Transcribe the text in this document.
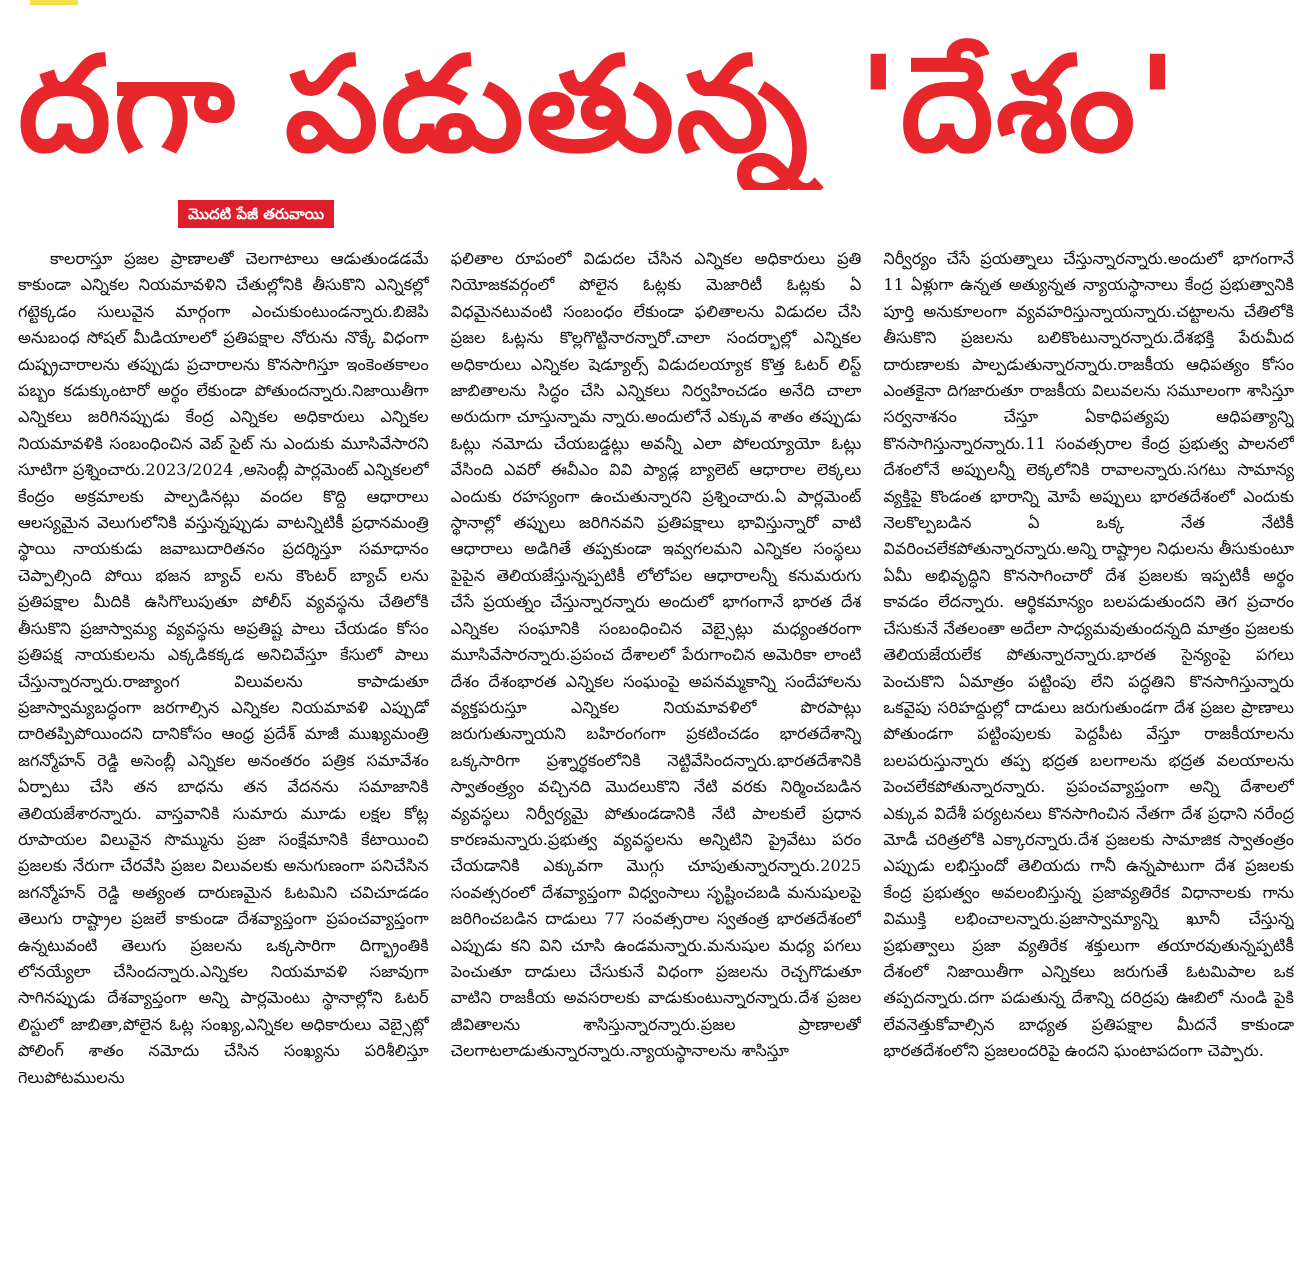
దగా పడుతున్న 'దేశం'
మొదటి పేజీ తరువాయి

కాలరాస్తూ ప్రజల ప్రాణాలతో చెలగాటాలు ఆడుతుండడమే కాకుండా ఎన్నికల నియమావళిని చేతుల్లోనికి తీసుకొని ఎన్నికల్లో గట్టెక్కడం సులువైన మార్గంగా ఎంచుకుంటుండన్నారు.బిజెపి అనుబంధ సోషల్ మీడియాలలో ప్రతిపక్షాల నోరును నొక్కే విధంగా దుష్ప్రచారాలను తప్పుడు ప్రచారాలను కొనసాగిస్తూ ఇంకెంతకాలం పబ్బం కడుక్కుంటారో అర్థం లేకుండా పోతుందన్నారు.నిజాయితీగా ఎన్నికలు జరిగినప్పుడు కేంద్ర ఎన్నికల అధికారులు ఎన్నికల నియమావళికి సంబంధించిన వెబ్ సైట్ ను ఎందుకు మూసివేసారని సూటిగా ప్రశ్నించారు.2023/2024 ,అసెంబ్లీ పార్లమెంట్ ఎన్నికలలో కేంద్రం అక్రమాలకు పాల్పడినట్లు వందల కొద్ది ఆధారాలు ఆలస్యమైన వెలుగులోనికి వస్తున్నప్పుడు వాటన్నిటికీ ప్రధానమంత్రి స్థాయి నాయకుడు జవాబుదారితనం ప్రదర్శిస్తూ సమాధానం చెప్పాల్సింది పోయి భజన బ్యాచ్ లను కౌంటర్ బ్యాచ్ లను ప్రతిపక్షాల మీదికి ఉసిగొలుపుతూ పోలీస్ వ్యవస్థను చేతిలోకి తీసుకొని ప్రజాస్వామ్య వ్యవస్థను అప్రతిష్ట పాలు చేయడం కోసం ప్రతిపక్ష నాయకులను ఎక్కడికక్కడ అనిచివేస్తూ కేసులో పాలు చేస్తున్నారన్నారు.రాజ్యాంగ విలువలను కాపాడుతూ ప్రజాస్వామ్యబద్ధంగా జరగాల్సిన ఎన్నికల నియమావళి ఎప్పుడో దారితప్పిపోయిందని దానికోసం ఆంధ్ర ప్రదేశ్ మాజీ ముఖ్యమంత్రి జగన్మోహన్ రెడ్డి అసెంబ్లీ ఎన్నికల అనంతరం పత్రిక సమావేశం ఏర్పాటు చేసి తన బాధను తన వేదనను సమాజానికి తెలియజేశారన్నారు. వాస్తవానికి సుమారు మూడు లక్షల కోట్ల రూపాయల విలువైన సొమ్మును ప్రజా సంక్షేమానికి కేటాయించి ప్రజలకు నేరుగా చేరవేసి ప్రజల విలువలకు అనుగుణంగా పనిచేసిన జగన్మోహన్ రెడ్డి అత్యంత దారుణమైన ఓటమిని చవిచూడడం తెలుగు రాష్ట్రాల ప్రజలే కాకుండా దేశవ్యాప్తంగా ప్రపంచవ్యాప్తంగా ఉన్నటువంటి తెలుగు ప్రజలను ఒక్కసారిగా దిగ్భ్రాంతికి లోనయ్యేలా చేసిందన్నారు.ఎన్నికల నియమావళి సజావుగా సాగినప్పుడు దేశవ్యాప్తంగా అన్ని పార్లమెంటు స్థానాల్లోని ఓటర్ లిస్టులో జాబితా,పోలైన ఓట్ల సంఖ్య,ఎన్నికల అధికారులు వెబ్సైట్లో పోలింగ్ శాతం నమోదు చేసిన సంఖ్యను పరిశీలిస్తూ గెలుపోటములను

ఫలితాల రూపంలో విడుదల చేసిన ఎన్నికల అధికారులు ప్రతి నియోజకవర్గంలో పోలైన ఓట్లకు మెజారిటీ ఓట్లకు ఏ విధమైనటువంటి సంబంధం లేకుండా ఫలితాలను విడుదల చేసి ప్రజల ఓట్లను కొల్లగొట్టినారన్నారో.చాలా సందర్భాల్లో ఎన్నికల అధికారులు ఎన్నికల షెడ్యూల్స్ విడుదలయ్యాక కొత్త ఓటర్ లిస్ట్ జాబితాలను సిద్ధం చేసి ఎన్నికలు నిర్వహించడం అనేది చాలా అరుదుగా చూస్తున్నామ న్నారు.అందులోనే ఎక్కువ శాతం తప్పుడు ఓట్లు నమోదు చేయబడ్డట్లు అవన్నీ ఎలా పోలయ్యాయో ఓట్లు వేసింది ఎవరో ఈవీఎం వివి ప్యాడ్ల బ్యాలెట్ ఆధారాల లెక్కలు ఎందుకు రహస్యంగా ఉంచుతున్నారని ప్రశ్నించారు.ఏ పార్లమెంట్ స్థానాల్లో తప్పులు జరిగినవని ప్రతిపక్షాలు భావిస్తున్నారో వాటి ఆధారాలు అడిగితే తప్పకుండా ఇవ్వగలమని ఎన్నికల సంస్థలు పైపైన తెలియజేస్తున్నప్పటికీ లోలోపల ఆధారాలన్నీ కనుమరుగు చేసే ప్రయత్నం చేస్తున్నారన్నారు అందులో భాగంగానే భారత దేశ ఎన్నికల సంఘానికి సంబంధించిన వెబ్సైట్లు మధ్యంతరంగా మూసివేసారన్నారు.ప్రపంచ దేశాలలో పేరుగాంచిన అమెరికా లాంటి దేశం దేశంభారత ఎన్నికల సంఘంపై అపనమ్మకాన్ని సందేహాలను వ్యక్తపరుస్తూ ఎన్నికల నియమావళిలో పొరపాట్లు జరుగుతున్నాయని బహిరంగంగా ప్రకటించడం భారతదేశాన్ని ఒక్కసారిగా ప్రశ్నార్థకంలోనికి నెట్టివేసిందన్నారు.భారతదేశానికి స్వాతంత్ర్యం వచ్చినది మొదలుకొని నేటి వరకు నిర్మించబడిన వ్యవస్థలు నిర్వీర్యమై పోతుండడానికి నేటి పాలకులే ప్రధాన కారణమన్నారు.ప్రభుత్వ వ్యవస్థలను అన్నిటిని ప్రైవేటు పరం చేయడానికి ఎక్కువగా మొగ్గు చూపుతున్నారన్నారు.2025 సంవత్సరంలో దేశవ్యాప్తంగా విధ్వంసాలు సృష్టించబడి మనుషులపై జరిగించబడిన దాడులు 77 సంవత్సరాల స్వతంత్ర భారతదేశంలో ఎప్పుడు కని విని చూసి ఉండమన్నారు.మనుషుల మధ్య పగలు పెంచుతూ దాడులు చేసుకునే విధంగా ప్రజలను రెచ్చగొడుతూ వాటిని రాజకీయ అవసరాలకు వాడుకుంటున్నారన్నారు.దేశ ప్రజల జీవితాలను శాసిస్తున్నారన్నారు.ప్రజల ప్రాణాలతో చెలగాటలాడుతున్నారన్నారు.న్యాయస్థానాలను శాసిస్తూ

నిర్వీర్యం చేసే ప్రయత్నాలు చేస్తున్నారన్నారు.అందులో భాగంగానే 11 ఏళ్లుగా ఉన్నత అత్యున్నత న్యాయస్థానాలు కేంద్ర ప్రభుత్వానికి పూర్తి అనుకూలంగా వ్యవహరిస్తున్నాయన్నారు.చట్టాలను చేతిలోకి తీసుకొని ప్రజలను బలికొంటున్నారన్నారు.దేశభక్తి పేరుమీద దారుణాలకు పాల్పడుతున్నారన్నారు.రాజకీయ ఆధిపత్యం కోసం ఎంతకైనా దిగజారుతూ రాజకీయ విలువలను సమూలంగా శాసిస్తూ సర్వనాశనం చేస్తూ ఏకాధిపత్యపు ఆధిపత్యాన్ని కొనసాగిస్తున్నారన్నారు.11 సంవత్సరాల కేంద్ర ప్రభుత్వ పాలనలో దేశంలోనే అప్పులన్నీ లెక్కలోనికి రావాలన్నారు.సగటు సామాన్య వ్యక్తిపై కొండంత భారాన్ని మోపే అప్పులు భారతదేశంలో ఎందుకు నెలకొల్పబడిన ఏ ఒక్క నేత నేటికీ వివరించలేకపోతున్నారన్నారు.అన్ని రాష్ట్రాల నిధులను తీసుకుంటూ ఏమీ అభివృద్ధిని కొనసాగించారో దేశ ప్రజలకు ఇప్పటికీ అర్థం కావడం లేదన్నారు. ఆర్థికమాన్యం బలపడుతుందని తెగ ప్రచారం చేసుకునే నేతలంతా అదేలా సాధ్యమవుతుందన్నది మాత్రం ప్రజలకు తెలియజేయలేక పోతున్నారన్నారు.భారత సైన్యంపై పగలు పెంచుకొని ఏమాత్రం పట్టింపు లేని పద్ధతిని కొనసాగిస్తున్నారు ఒకవైపు సరిహద్దుల్లో దాడులు జరుగుతుండగా దేశ ప్రజల ప్రాణాలు పోతుండగా పట్టింపులకు పెద్దపీట వేస్తూ రాజకీయాలను బలపరుస్తున్నారు తప్ప భద్రత బలగాలను భద్రత వలయాలను పెంచలేకపోతున్నారన్నారు. ప్రపంచవ్యాప్తంగా అన్ని దేశాలలో ఎక్కువ విదేశీ పర్యటనలు కొనసాగించిన నేతగా దేశ ప్రధాని నరేంద్ర మోడీ చరిత్రలోకి ఎక్కారన్నారు.దేశ ప్రజలకు సామాజిక స్వాతంత్రం ఎప్పుడు లభిస్తుందో తెలియదు గానీ ఉన్నపాటుగా దేశ ప్రజలకు కేంద్ర ప్రభుత్వం అవలంబిస్తున్న ప్రజావ్యతిరేక విధానాలకు గాను విముక్తి లభించాలన్నారు.ప్రజాస్వామ్యాన్ని ఖూనీ చేస్తున్న ప్రభుత్వాలు ప్రజా వ్యతిరేక శక్తులుగా తయారవుతున్నప్పటికీ దేశంలో నిజాయితీగా ఎన్నికలు జరుగుతే ఓటమిపాల ఒక తప్పదన్నారు.దగా పడుతున్న దేశాన్ని దరిద్రపు ఊబిలో నుండి పైకి లేవనెత్తుకోవాల్సిన బాధ్యత ప్రతిపక్షాల మీదనే కాకుండా భారతదేశంలోని ప్రజలందరిపై ఉందని ఘంటాపదంగా చెప్పారు.
